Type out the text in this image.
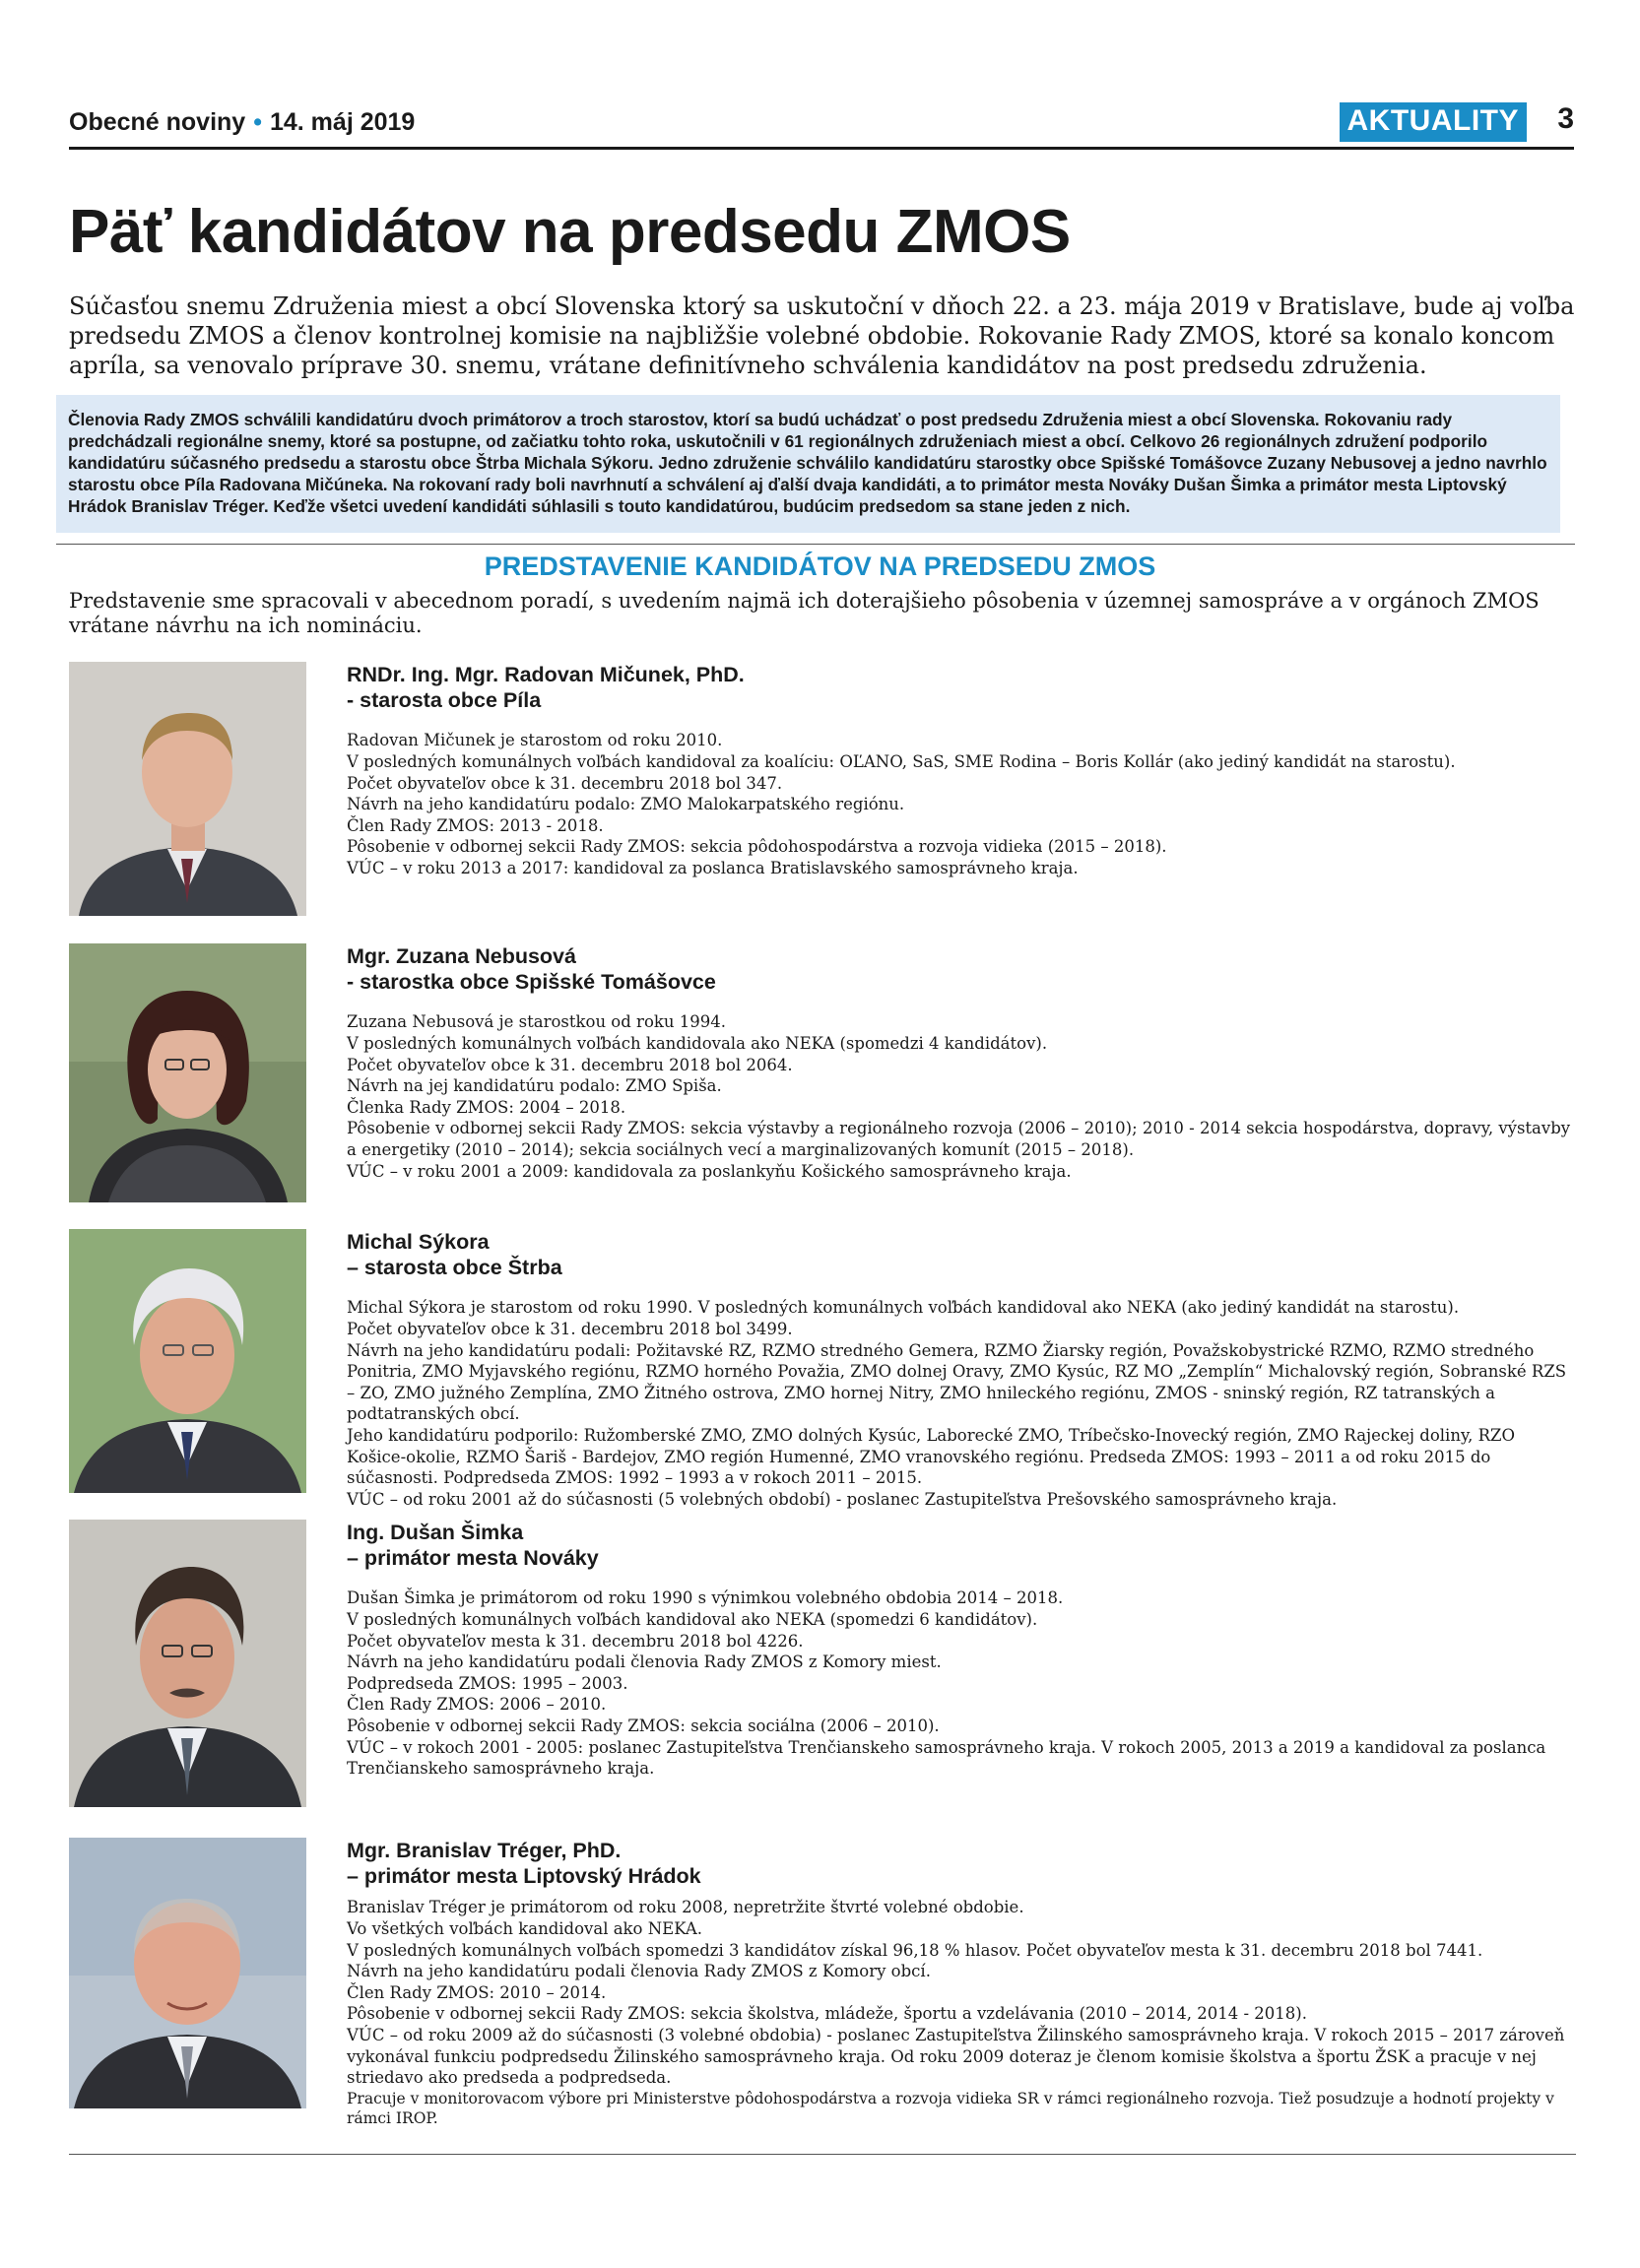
Obecné noviny • 14. máj 2019	AKTUALITY 3
Päť kandidátov na predsedu ZMOS

Súčasťou snemu Združenia miest a obcí Slovenska ktorý sa uskutoční v dňoch 22. a 23. mája 2019 v Bratislave, bude aj voľba predsedu ZMOS a členov kontrolnej komisie na najbližšie volebné obdobie. Rokovanie Rady ZMOS, ktoré sa konalo koncom apríla, sa venovalo príprave 30. snemu, vrátane definitívneho schválenia kandidátov na post predsedu združenia.

Členovia Rady ZMOS schválili kandidatúru dvoch primátorov a troch starostov, ktorí sa budú uchádzať o post predsedu Združenia miest a obcí Slovenska. Rokovaniu rady predchádzali regionálne snemy, ktoré sa postupne, od začiatku tohto roka, uskutočnili v 61 regionálnych združeniach miest a obcí. Celkovo 26 regionálnych združení podporilo kandidatúru súčasného predsedu a starostu obce Štrba Michala Sýkoru. Jedno združenie schválilo kandidatúru starostky obce Spišské Tomášovce Zuzany Nebusovej a jedno navrhlo starostu obce Píla Radovana Mičúneka. Na rokovaní rady boli navrhnutí a schválení aj ďalší dvaja kandidáti, a to primátor mesta Nováky Dušan Šimka a primátor mesta Liptovský Hrádok Branislav Tréger. Keďže všetci uvedení kandidáti súhlasili s touto kandidatúrou, budúcim predsedom sa stane jeden z nich.
PREDSTAVENIE KANDIDÁTOV NA PREDSEDU ZMOS

Predstavenie sme spracovali v abecednom poradí, s uvedením najmä ich doterajšieho pôsobenia v územnej samospráve a v orgánoch ZMOS vrátane návrhu na ich nomináciu.

RNDr. Ing. Mgr. Radovan Mičunek, PhD.
- starosta obce Píla
Radovan Mičunek je starostom od roku 2010.
V posledných komunálnych voľbách kandidoval za koalíciu: OĽANO, SaS, SME Rodina – Boris Kollár (ako jediný kandidát na starostu).
Počet obyvateľov obce k 31. decembru 2018 bol 347.
Návrh na jeho kandidatúru podalo: ZMO Malokarpatského regiónu.
Člen Rady ZMOS: 2013 - 2018.
Pôsobenie v odbornej sekcii Rady ZMOS: sekcia pôdohospodárstva a rozvoja vidieka (2015 – 2018).
VÚC – v roku 2013 a 2017: kandidoval za poslanca Bratislavského samosprávneho kraja.
Mgr. Zuzana Nebusová
- starostka obce Spišské Tomášovce
Zuzana Nebusová je starostkou od roku 1994.
V posledných komunálnych voľbách kandidovala ako NEKA (spomedzi 4 kandidátov).
Počet obyvateľov obce k 31. decembru 2018 bol 2064.
Návrh na jej kandidatúru podalo: ZMO Spiša.
Členka Rady ZMOS: 2004 – 2018.
Pôsobenie v odbornej sekcii Rady ZMOS: sekcia výstavby a regionálneho rozvoja (2006 – 2010); 2010 - 2014 sekcia hospodárstva, dopravy, výstavby a energetiky (2010 – 2014); sekcia sociálnych vecí a marginalizovaných komunít (2015 – 2018).
VÚC – v roku 2001 a 2009: kandidovala za poslankyňu Košického samosprávneho kraja.
Michal Sýkora
– starosta obce Štrba
Michal Sýkora je starostom od roku 1990. V posledných komunálnych voľbách kandidoval ako NEKA (ako jediný kandidát na starostu).
Počet obyvateľov obce k 31. decembru 2018 bol 3499.
Návrh na jeho kandidatúru podali: Požitavské RZ, RZMO stredného Gemera, RZMO Žiarsky región, Považskobystrické RZMO, RZMO stredného Ponitria, ZMO Myjavského regiónu, RZMO horného Považia, ZMO dolnej Oravy, ZMO Kysúc, RZ MO „Zemplín“ Michalovský región, Sobranské RZS – ZO, ZMO južného Zemplína, ZMO Žitného ostrova, ZMO hornej Nitry, ZMO hnileckého regiónu, ZMOS - sninský región, RZ tatranských a podtatranských obcí.
Jeho kandidatúru podporilo: Ružomberské ZMO, ZMO dolných Kysúc, Laborecké ZMO, Tríbečsko-Inovecký región, ZMO Rajeckej doliny, RZO Košice-okolie, RZMO Šariš - Bardejov, ZMO región Humenné, ZMO vranovského regiónu. Predseda ZMOS: 1993 – 2011 a od roku 2015 do súčasnosti. Podpredseda ZMOS: 1992 – 1993 a v rokoch 2011 – 2015.
VÚC – od roku 2001 až do súčasnosti (5 volebných období) - poslanec Zastupiteľstva Prešovského samosprávneho kraja.
Ing. Dušan Šimka
– primátor mesta Nováky
Dušan Šimka je primátorom od roku 1990 s výnimkou volebného obdobia 2014 – 2018.
V posledných komunálnych voľbách kandidoval ako NEKA (spomedzi 6 kandidátov).
Počet obyvateľov mesta k 31. decembru 2018 bol 4226.
Návrh na jeho kandidatúru podali členovia Rady ZMOS z Komory miest.
Podpredseda ZMOS: 1995 – 2003.
Člen Rady ZMOS: 2006 – 2010.
Pôsobenie v odbornej sekcii Rady ZMOS: sekcia sociálna (2006 – 2010).
VÚC – v rokoch 2001 - 2005: poslanec Zastupiteľstva Trenčianskeho samosprávneho kraja. V rokoch 2005, 2013 a 2019 a kandidoval za poslanca Trenčianskeho samosprávneho kraja.
Mgr. Branislav Tréger, PhD.
– primátor mesta Liptovský Hrádok
Branislav Tréger je primátorom od roku 2008, nepretržite štvrté volebné obdobie.
Vo všetkých voľbách kandidoval ako NEKA.
V posledných komunálnych voľbách spomedzi 3 kandidátov získal 96,18 % hlasov. Počet obyvateľov mesta k 31. decembru 2018 bol 7441.
Návrh na jeho kandidatúru podali členovia Rady ZMOS z Komory obcí.
Člen Rady ZMOS: 2010 – 2014.
Pôsobenie v odbornej sekcii Rady ZMOS: sekcia školstva, mládeže, športu a vzdelávania (2010 – 2014, 2014 - 2018).
VÚC – od roku 2009 až do súčasnosti (3 volebné obdobia) - poslanec Zastupiteľstva Žilinského samosprávneho kraja. V rokoch 2015 – 2017 zároveň vykonával funkciu podpredsedu Žilinského samosprávneho kraja. Od roku 2009 doteraz je členom komisie školstva a športu ŽSK a pracuje v nej striedavo ako predseda a podpredseda.
Pracuje v monitorovacom výbore pri Ministerstve pôdohospodárstva a rozvoja vidieka SR v rámci regionálneho rozvoja. Tiež posudzuje a hodnotí projekty v rámci IROP.
